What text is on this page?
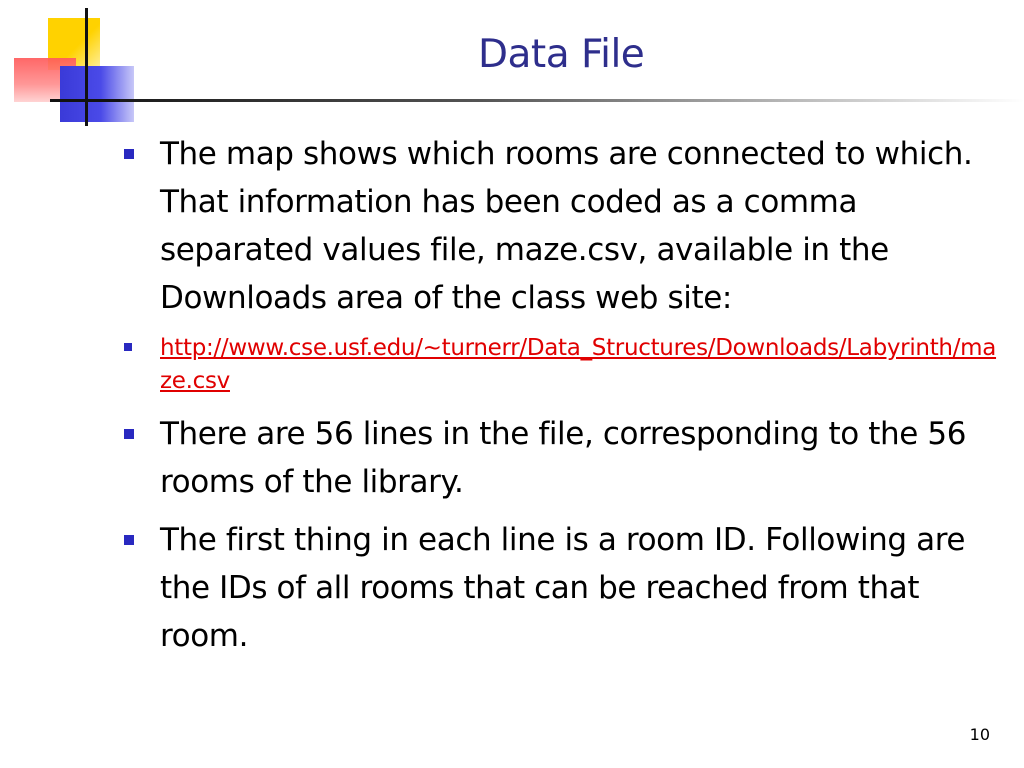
Data File
The map shows which rooms are connected to which. That information has been coded as a comma separated values file, maze.csv, available in the Downloads area of the class web site:
http://www.cse.usf.edu/~turnerr/Data_Structures/Downloads/Labyrinth/maze.csv
There are 56 lines in the file, corresponding to the 56 rooms of the library.
The first thing in each line is a room ID. Following are the IDs of all rooms that can be reached from that room.
10
